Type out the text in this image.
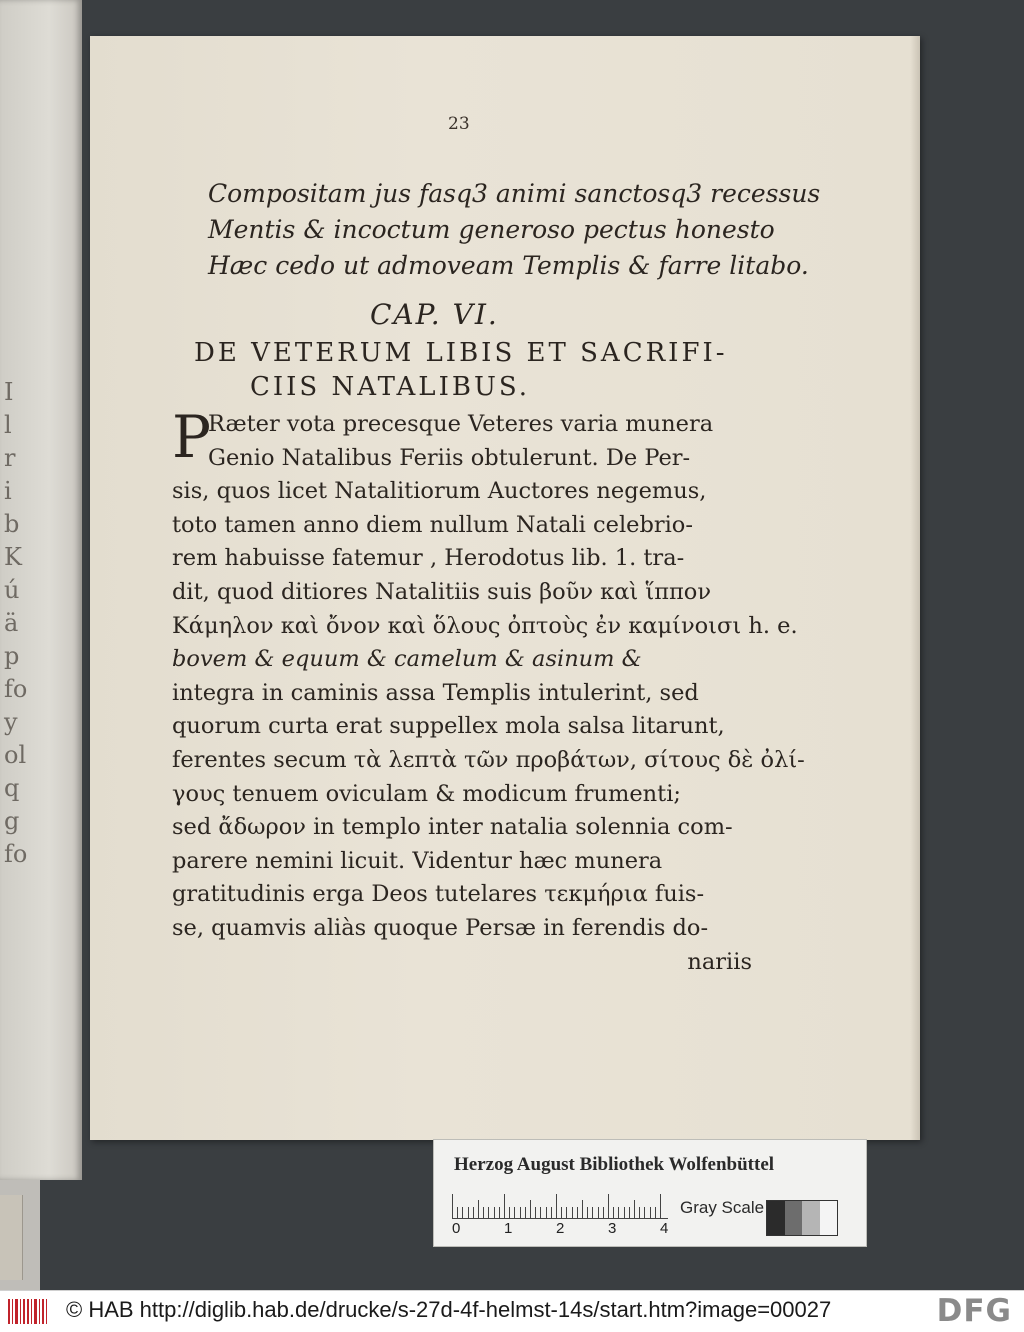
I
l
r
i
b
K
ú
ä
p
fo
y
ol
q
g
fo
23
Compositam jus fasq3 animi sanctosq3 recessus
Mentis & incoctum generoso pectus honesto
Hæc cedo ut admoveam Templis & farre litabo.
CAP. VI.
DE VETERUM LIBIS ET SACRIFI-
CIIS NATALIBUS.
P
Ræter vota precesque Veteres varia munera
Genio Natalibus Feriis obtulerunt. De Per-
sis, quos licet Natalitiorum Auctores negemus,
toto tamen anno diem nullum Natali celebrio-
rem habuisse fatemur , Herodotus lib. 1. tra-
dit, quod ditiores Natalitiis suis βοῦν καὶ ἵππον
Κάμηλον καὶ ὄνον καὶ ὅλους ὀπτοὺς ἐν καμίνοισι h. e.
bovem & equum & camelum & asinum &
integra in caminis assa Templis intulerint, sed
quorum curta erat suppellex mola salsa litarunt,
ferentes secum τὰ λεπτὰ τῶν προβάτων, σίτους δὲ ὀλί-
γους tenuem oviculam & modicum frumenti;
sed ἄδωρον in templo inter natalia solennia com-
parere nemini licuit. Videntur hæc munera
gratitudinis erga Deos tutelares τεκμήρια fuis-
se, quamvis aliàs quoque Persæ in ferendis do-
nariis
Herzog August Bibliothek Wolfenbüttel
0	1	2	3	4
Gray Scale
© HAB http://diglib.hab.de/drucke/s-27d-4f-helmst-14s/start.htm?image=00027	DFG
